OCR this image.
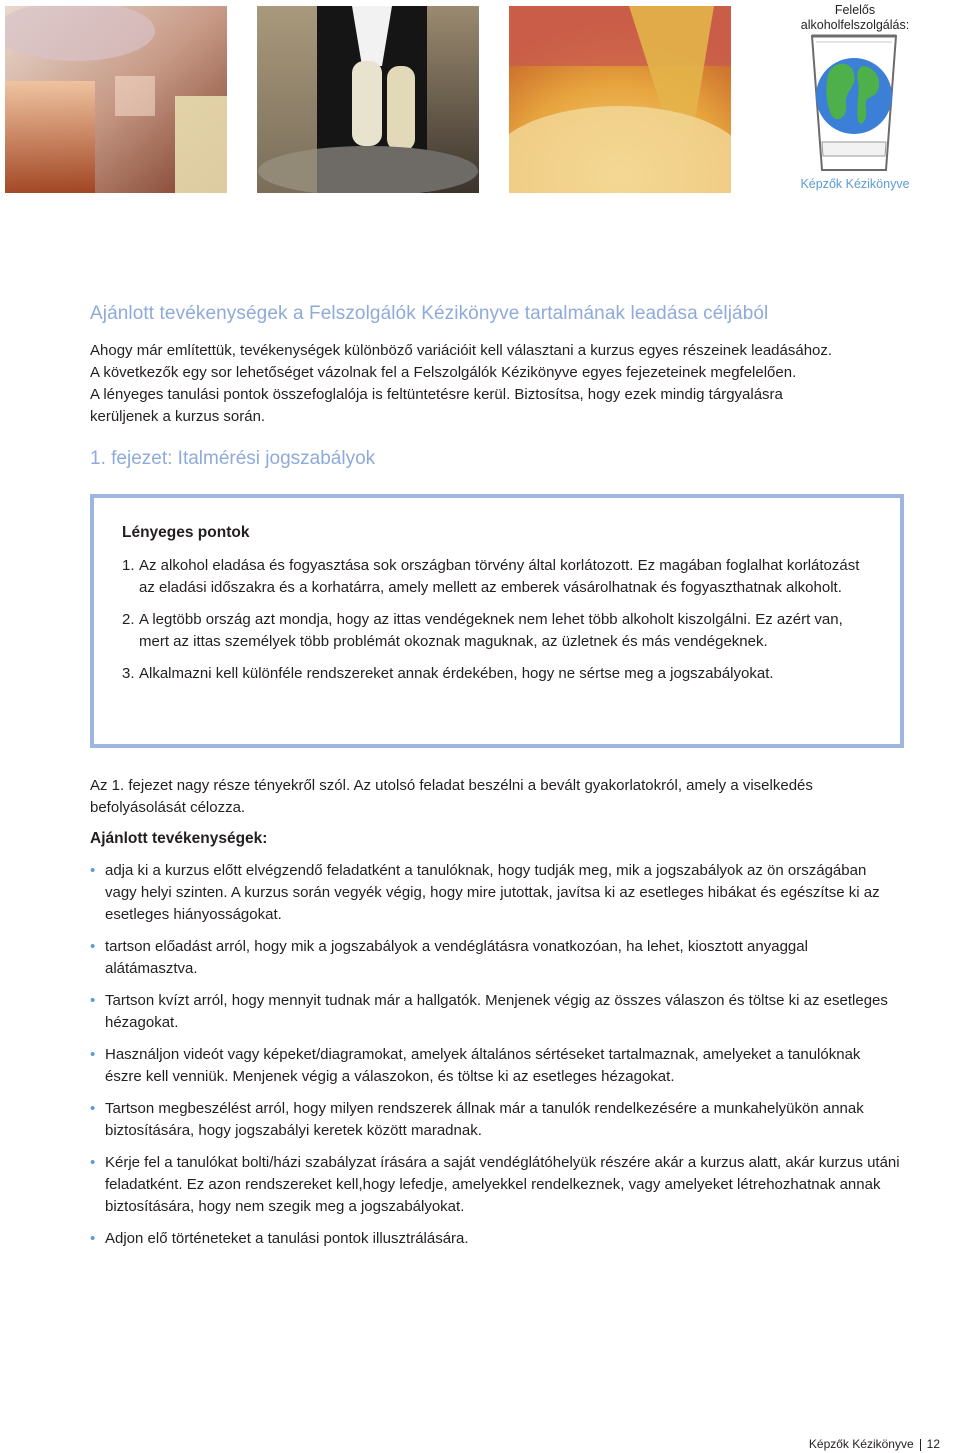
Felelős
alkoholfelszolgálás:
Képzők Kézikönyve
Ajánlott tevékenységek a Felszolgálók Kézikönyve tartalmának leadása céljából

Ahogy már említettük, tevékenységek különböző variációit kell választani a kurzus egyes részeinek leadásához.

A következők egy sor lehetőséget vázolnak fel a Felszolgálók Kézikönyve egyes fejezeteinek megfelelően.

A lényeges tanulási pontok összefoglalója is feltüntetésre kerül. Biztosítsa, hogy ezek mindig tárgyalásra

kerüljenek a kurzus során.

1. fejezet: Italmérési jogszabályok
Lényeges pontok
1. Az alkohol eladása és fogyasztása sok országban törvény által korlátozott. Ez magában foglalhat korlátozást az eladási időszakra és a korhatárra, amely mellett az emberek vásárolhatnak és fogyaszthatnak alkoholt.
2. A legtöbb ország azt mondja, hogy az ittas vendégeknek nem lehet több alkoholt kiszolgálni. Ez azért van, mert az ittas személyek több problémát okoznak maguknak, az üzletnek és más vendégeknek.
3. Alkalmazni kell különféle rendszereket annak érdekében, hogy ne sértse meg a jogszabályokat.

Az 1. fejezet nagy része tényekről szól. Az utolsó feladat beszélni a bevált gyakorlatokról, amely a viselkedés befolyásolását célozza.

Ajánlott tevékenységek:
• adja ki a kurzus előtt elvégzendő feladatként a tanulóknak, hogy tudják meg, mik a jogszabályok az ön országában vagy helyi szinten. A kurzus során vegyék végig, hogy mire jutottak, javítsa ki az esetleges hibákat és egészítse ki az esetleges hiányosságokat.
• tartson előadást arról, hogy mik a jogszabályok a vendéglátásra vonatkozóan, ha lehet, kiosztott anyaggal alátámasztva.
• Tartson kvízt arról, hogy mennyit tudnak már a hallgatók. Menjenek végig az összes válaszon és töltse ki az esetleges hézagokat.
• Használjon videót vagy képeket/diagramokat, amelyek általános sértéseket tartalmaznak, amelyeket a tanulóknak észre kell venniük. Menjenek végig a válaszokon, és töltse ki az esetleges hézagokat.
• Tartson megbeszélést arról, hogy milyen rendszerek állnak már a tanulók rendelkezésére a munkahelyükön annak biztosítására, hogy jogszabályi keretek között maradnak.
• Kérje fel a tanulókat bolti/házi szabályzat írására a saját vendéglátóhelyük részére akár a kurzus alatt, akár kurzus utáni feladatként. Ez azon rendszereket kell,hogy lefedje, amelyekkel rendelkeznek, vagy amelyeket létrehozhatnak annak biztosítására, hogy nem szegik meg a jogszabályokat.
• Adjon elő történeteket a tanulási pontok illusztrálására.
Képzők Kézikönyve 12
